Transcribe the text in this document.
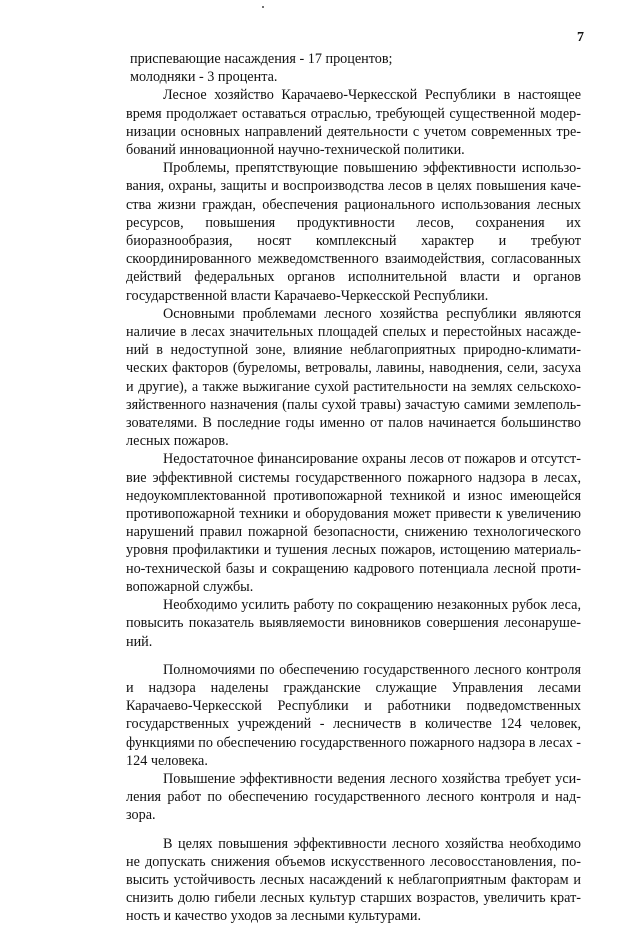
7

приспевающие насаждения - 17 процентов;

молодняки - 3 процента.

Лесное хозяйство Карачаево-Черкесской Республики в настоящее время продолжает оставаться отраслью, требующей существенной модернизации основных направлений деятельности с учетом современных требований инновационной научно-технической политики.

Проблемы, препятствующие повышению эффективности использования, охраны, защиты и воспроизводства лесов в целях повышения качества жизни граждан, обеспечения рационального использования лесных ресурсов, повышения продуктивности лесов, сохранения их биоразнообразия, носят комплексный характер и требуют скоординированного межведомственного взаимодействия, согласованных действий федеральных органов исполнительной власти и органов государственной власти Карачаево-Черкесской Республики.

Основными проблемами лесного хозяйства республики являются наличие в лесах значительных площадей спелых и перестойных насаждений в недоступной зоне, влияние неблагоприятных природно-климатических факторов (буреломы, ветровалы, лавины, наводнения, сели, засуха и другие), а также выжигание сухой растительности на землях сельскохозяйственного назначения (палы сухой травы) зачастую самими землепользователями. В последние годы именно от палов начинается большинство лесных пожаров.

Недостаточное финансирование охраны лесов от пожаров и отсутствие эффективной системы государственного пожарного надзора в лесах, недоукомплектованной противопожарной техникой и износ имеющейся противопожарной техники и оборудования может привести к увеличению нарушений правил пожарной безопасности, снижению технологического уровня профилактики и тушения лесных пожаров, истощению материально-технической базы и сокращению кадрового потенциала лесной противопожарной службы.

Необходимо усилить работу по сокращению незаконных рубок леса, повысить показатель выявляемости виновников совершения лесонарушений.

Полномочиями по обеспечению государственного лесного контроля и надзора наделены гражданские служащие Управления лесами Карачаево-Черкесской Республики и работники подведомственных государственных учреждений - лесничеств в количестве 124 человек, функциями по обеспечению государственного пожарного надзора в лесах - 124 человека.

Повышение эффективности ведения лесного хозяйства требует усиления работ по обеспечению государственного лесного контроля и надзора.

В целях повышения эффективности лесного хозяйства необходимо не допускать снижения объемов искусственного лесовосстановления, повысить устойчивость лесных насаждений к неблагоприятным факторам и снизить долю гибели лесных культур старших возрастов, увеличить кратность и качество уходов за лесными культурами.
